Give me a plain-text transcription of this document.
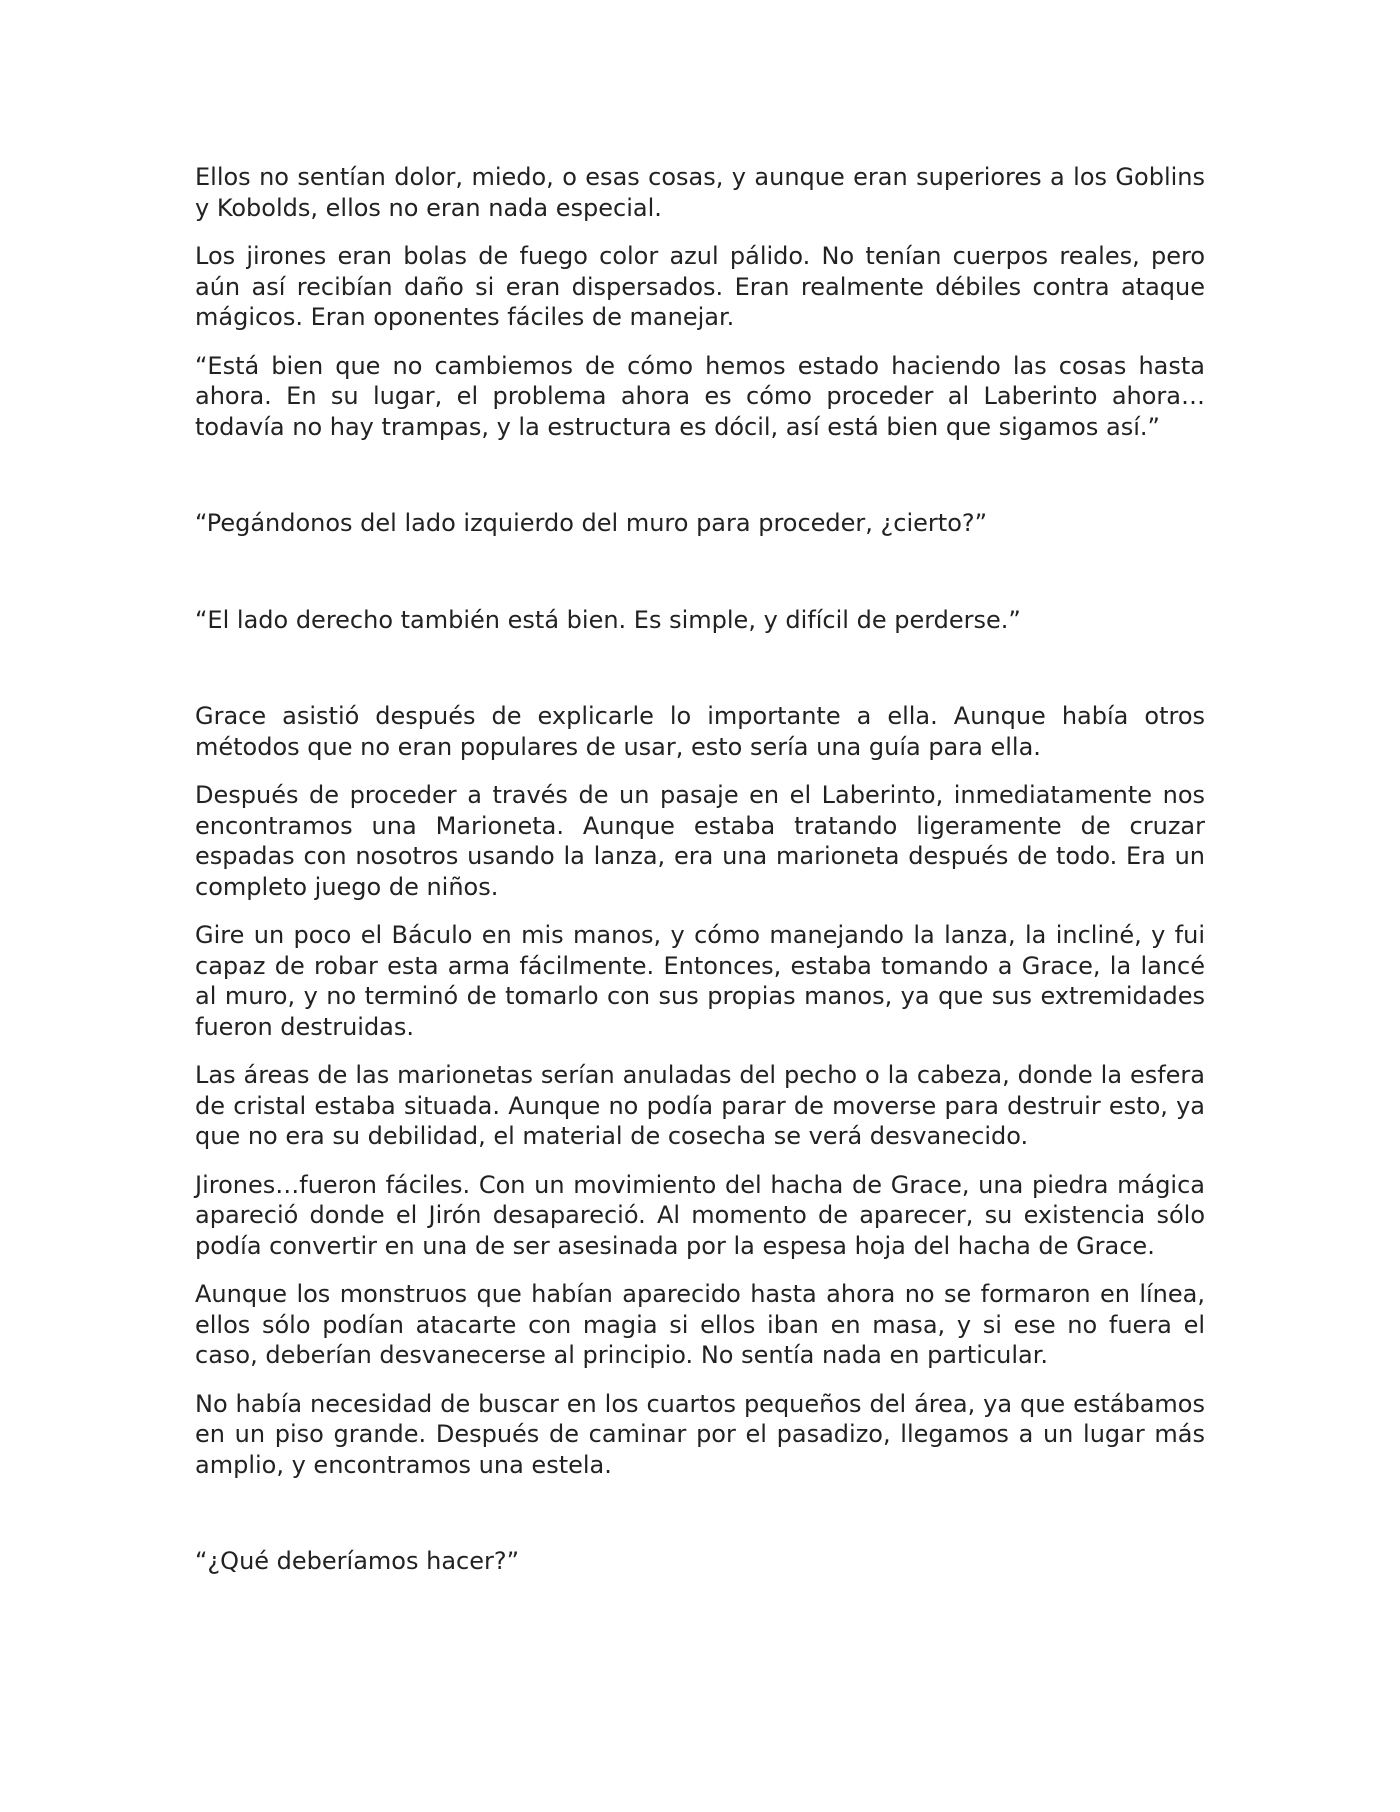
Ellos no sentían dolor, miedo, o esas cosas, y aunque eran superiores a los Goblins y Kobolds, ellos no eran nada especial.

Los jirones eran bolas de fuego color azul pálido. No tenían cuerpos reales, pero aún así recibían daño si eran dispersados. Eran realmente débiles contra ataque mágicos. Eran oponentes fáciles de manejar.

“Está bien que no cambiemos de cómo hemos estado haciendo las cosas hasta ahora. En su lugar, el problema ahora es cómo proceder al Laberinto ahora… todavía no hay trampas, y la estructura es dócil, así está bien que sigamos así.”

“Pegándonos del lado izquierdo del muro para proceder, ¿cierto?”

“El lado derecho también está bien. Es simple, y difícil de perderse.”

Grace asistió después de explicarle lo importante a ella. Aunque había otros métodos que no eran populares de usar, esto sería una guía para ella.

Después de proceder a través de un pasaje en el Laberinto, inmediatamente nos encontramos una Marioneta. Aunque estaba tratando ligeramente de cruzar espadas con nosotros usando la lanza, era una marioneta después de todo. Era un completo juego de niños.

Gire un poco el Báculo en mis manos, y cómo manejando la lanza, la incliné, y fui capaz de robar esta arma fácilmente. Entonces, estaba tomando a Grace, la lancé al muro, y no terminó de tomarlo con sus propias manos, ya que sus extremidades fueron destruidas.

Las áreas de las marionetas serían anuladas del pecho o la cabeza, donde la esfera de cristal estaba situada. Aunque no podía parar de moverse para destruir esto, ya que no era su debilidad, el material de cosecha se verá desvanecido.

Jirones…fueron fáciles. Con un movimiento del hacha de Grace, una piedra mágica apareció donde el Jirón desapareció. Al momento de aparecer, su existencia sólo podía convertir en una de ser asesinada por la espesa hoja del hacha de Grace.

Aunque los monstruos que habían aparecido hasta ahora no se formaron en línea, ellos sólo podían atacarte con magia si ellos iban en masa, y si ese no fuera el caso, deberían desvanecerse al principio. No sentía nada en particular.

No había necesidad de buscar en los cuartos pequeños del área, ya que estábamos en un piso grande. Después de caminar por el pasadizo, llegamos a un lugar más amplio, y encontramos una estela.

“¿Qué deberíamos hacer?”
